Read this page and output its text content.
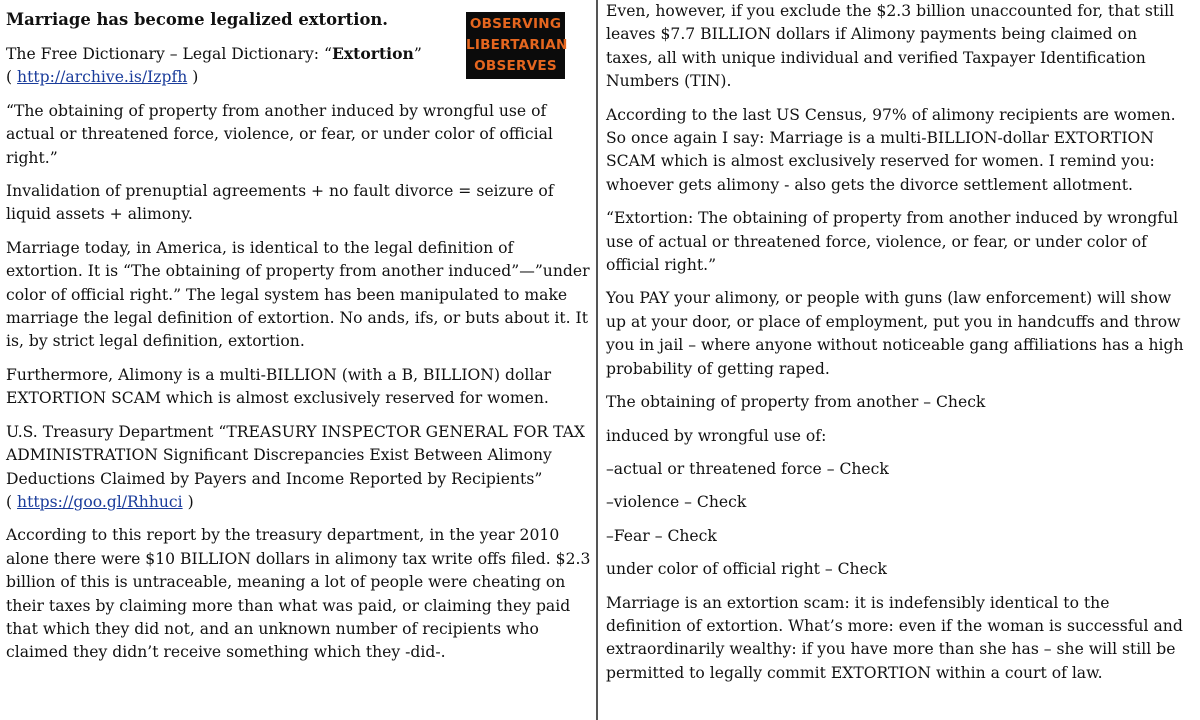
Marriage has become legalized extortion.

The Free Dictionary – Legal Dictionary: “Extortion”
( http://archive.is/Izpfh )

“The obtaining of property from another induced by wrongful use of actual or threatened force, violence, or fear, or under color of official right.”

Invalidation of prenuptial agreements + no fault divorce = seizure of liquid assets + alimony.

Marriage today, in America, is identical to the legal definition of extortion. It is “The obtaining of property from another induced”—”under color of official right.” The legal system has been manipulated to make marriage the legal definition of extortion. No ands, ifs, or buts about it. It is, by strict legal definition, extortion.

Furthermore, Alimony is a multi-BILLION (with a B, BILLION) dollar EXTORTION SCAM which is almost exclusively reserved for women.

U.S. Treasury Department “TREASURY INSPECTOR GENERAL FOR TAX ADMINISTRATION Significant Discrepancies Exist Between Alimony Deductions Claimed by Payers and Income Reported by Recipients”
( https://goo.gl/Rhhuci )

According to this report by the treasury department, in the year 2010 alone there were $10 BILLION dollars in alimony tax write offs filed. $2.3 billion of this is untraceable, meaning a lot of people were cheating on their taxes by claiming more than what was paid, or claiming they paid that which they did not, and an unknown number of recipients who claimed they didn’t receive something which they -did-.

OBSERVING
LIBERTARIAN
OBSERVES

Even, however, if you exclude the $2.3 billion unaccounted for, that still leaves $7.7 BILLION dollars if Alimony payments being claimed on taxes, all with unique individual and verified Taxpayer Identification Numbers (TIN).

According to the last US Census, 97% of alimony recipients are women. So once again I say: Marriage is a multi-BILLION-dollar EXTORTION SCAM which is almost exclusively reserved for women. I remind you: whoever gets alimony - also gets the divorce settlement allotment.

“Extortion: The obtaining of property from another induced by wrongful use of actual or threatened force, violence, or fear, or under color of official right.”

You PAY your alimony, or people with guns (law enforcement) will show up at your door, or place of employment, put you in handcuffs and throw you in jail – where anyone without noticeable gang affiliations has a high probability of getting raped.

The obtaining of property from another – Check

induced by wrongful use of:

–actual or threatened force – Check

–violence – Check

–Fear – Check

under color of official right – Check

Marriage is an extortion scam: it is indefensibly identical to the definition of extortion. What’s more: even if the woman is successful and extraordinarily wealthy: if you have more than she has – she will still be permitted to legally commit EXTORTION within a court of law.
